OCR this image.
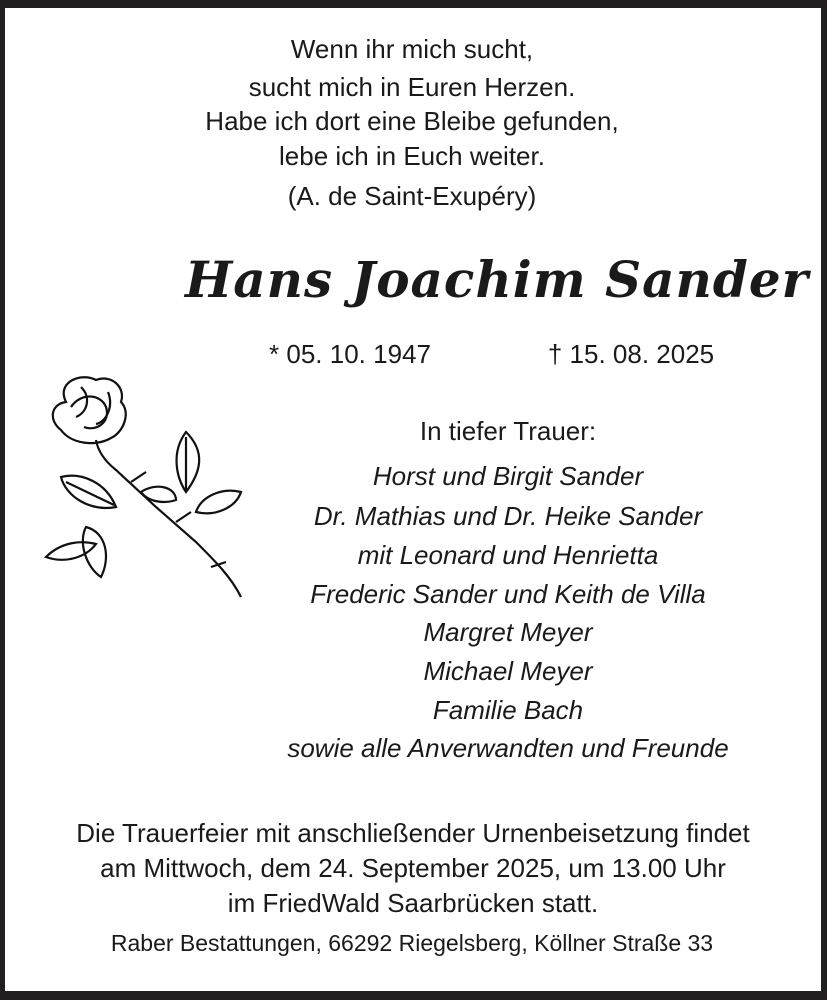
Wenn ihr mich sucht,
sucht mich in Euren Herzen.
Habe ich dort eine Bleibe gefunden,
lebe ich in Euch weiter.
(A. de Saint-Exupéry)
Hans Joachim Sander
* 05. 10. 1947	† 15. 08. 2025
In tiefer Trauer:
Horst und Birgit Sander
Dr. Mathias und Dr. Heike Sander
mit Leonard und Henrietta
Frederic Sander und Keith de Villa
Margret Meyer
Michael Meyer
Familie Bach
sowie alle Anverwandten und Freunde
Die Trauerfeier mit anschließender Urnenbeisetzung findet
am Mittwoch, dem 24. September 2025, um 13.00 Uhr
im FriedWald Saarbrücken statt.
Raber Bestattungen, 66292 Riegelsberg, Köllner Straße 33
